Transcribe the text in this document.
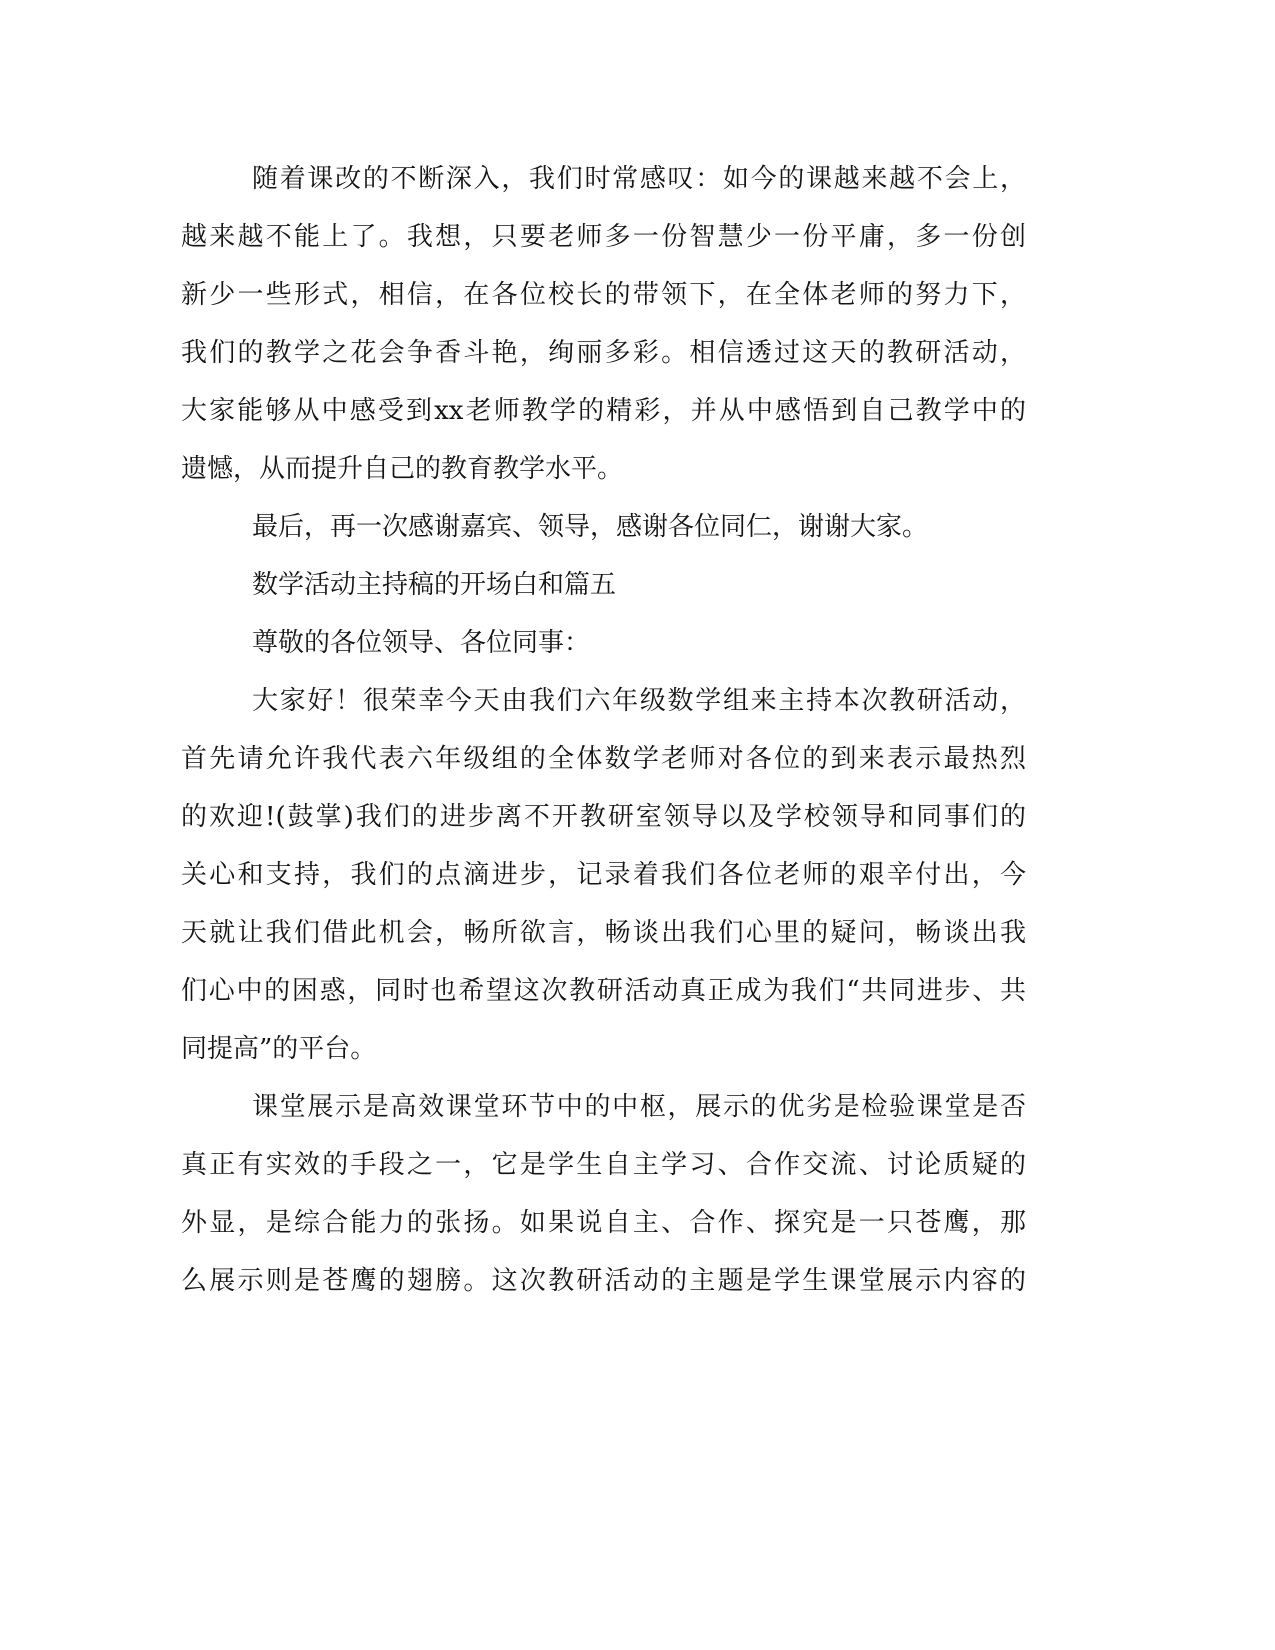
随着课改的不断深入，我们时常感叹：如今的课越来越不会上，
越来越不能上了。我想，只要老师多一份智慧少一份平庸，多一份创
新少一些形式，相信，在各位校长的带领下，在全体老师的努力下，
我们的教学之花会争香斗艳，绚丽多彩。相信透过这天的教研活动，
大家能够从中感受到xx老师教学的精彩，并从中感悟到自己教学中的
遗憾，从而提升自己的教育教学水平。
最后，再一次感谢嘉宾、领导，感谢各位同仁，谢谢大家。
数学活动主持稿的开场白和篇五
尊敬的各位领导、各位同事：
大家好！很荣幸今天由我们六年级数学组来主持本次教研活动，
首先请允许我代表六年级组的全体数学老师对各位的到来表示最热烈
的欢迎!(鼓掌)我们的进步离不开教研室领导以及学校领导和同事们的
关心和支持，我们的点滴进步，记录着我们各位老师的艰辛付出，今
天就让我们借此机会，畅所欲言，畅谈出我们心里的疑问，畅谈出我
们心中的困惑，同时也希望这次教研活动真正成为我们“共同进步、共
同提高”的平台。
课堂展示是高效课堂环节中的中枢，展示的优劣是检验课堂是否
真正有实效的手段之一，它是学生自主学习、合作交流、讨论质疑的
外显，是综合能力的张扬。如果说自主、合作、探究是一只苍鹰，那
么展示则是苍鹰的翅膀。这次教研活动的主题是学生课堂展示内容的
